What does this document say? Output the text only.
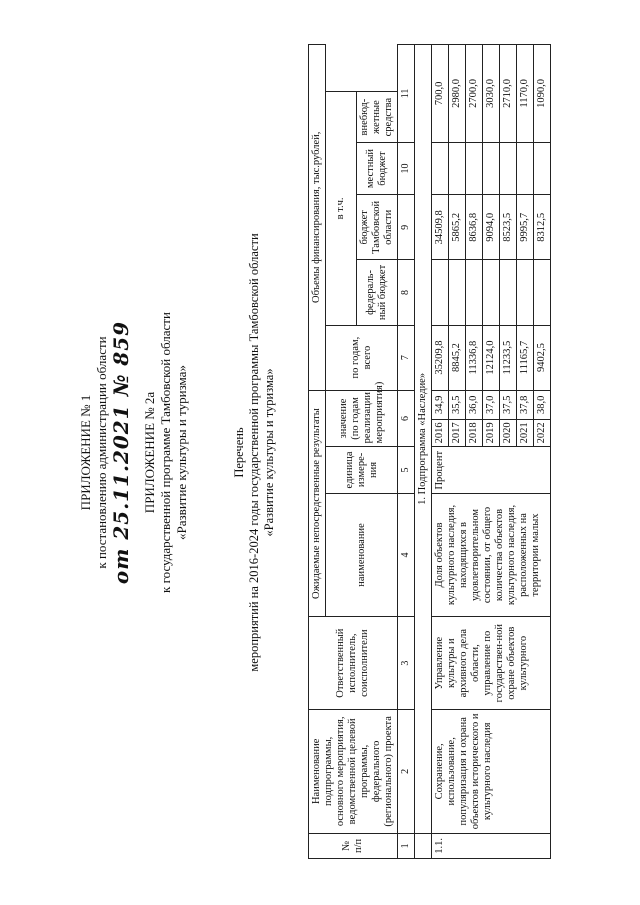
ПРИЛОЖЕНИЕ № 1 к постановлению администрации области от 25.11.2021 № 859 ПРИЛОЖЕНИЕ № 2а к государственной программе Тамбовской области «Развитие культуры и туризма»	Перечень мероприятий на 2016-2024 годы государственной программы Тамбовской области «Развитие культуры и туризма»
№ п/п	Наименование подпрограммы, основного мероприятия, ведомственной целевой программы, федерального (регионального) проекта	Ответственный исполнитель, соисполнители	Ожидаемые непосредственные результаты				Объемы финансирования, тыс.рублей,				
			наименование	единица измере-ния	значение (по годам реализации мероприятия)		по годам, всего	в т.ч.		
								федераль-ный бюджет	бюджет Тамбовской области	местный бюджет	внебюд-жетные средства
1	2	3	4	5	6		7	8	9	10	11
	1. Подпрограмма «Наследие»										
1.1.	Сохранение, использование, популяризация и охрана объектов исторического и культурного наследия	Управление культуры и архивного дела области, управление по государствен-ной охране объектов культурного	Доля объектов культурного наследия, находящихся в удовлетворительном состоянии, от общего количества объектов культурного наследия, расположенных на территории малых	Процент	2016	34,9	35209,8		34509,8		700,0
					2017	35,5	8845,2		5865,2		2980,0
					2018	36,0	11336,8		8636,8		2700,0
					2019	37,0	12124,0		9094,0		3030,0
					2020	37,5	11233,5		8523,5		2710,0
					2021	37,8	11165,7		9995,7		1170,0
					2022	38,0	9402,5		8312,5		1090,0
